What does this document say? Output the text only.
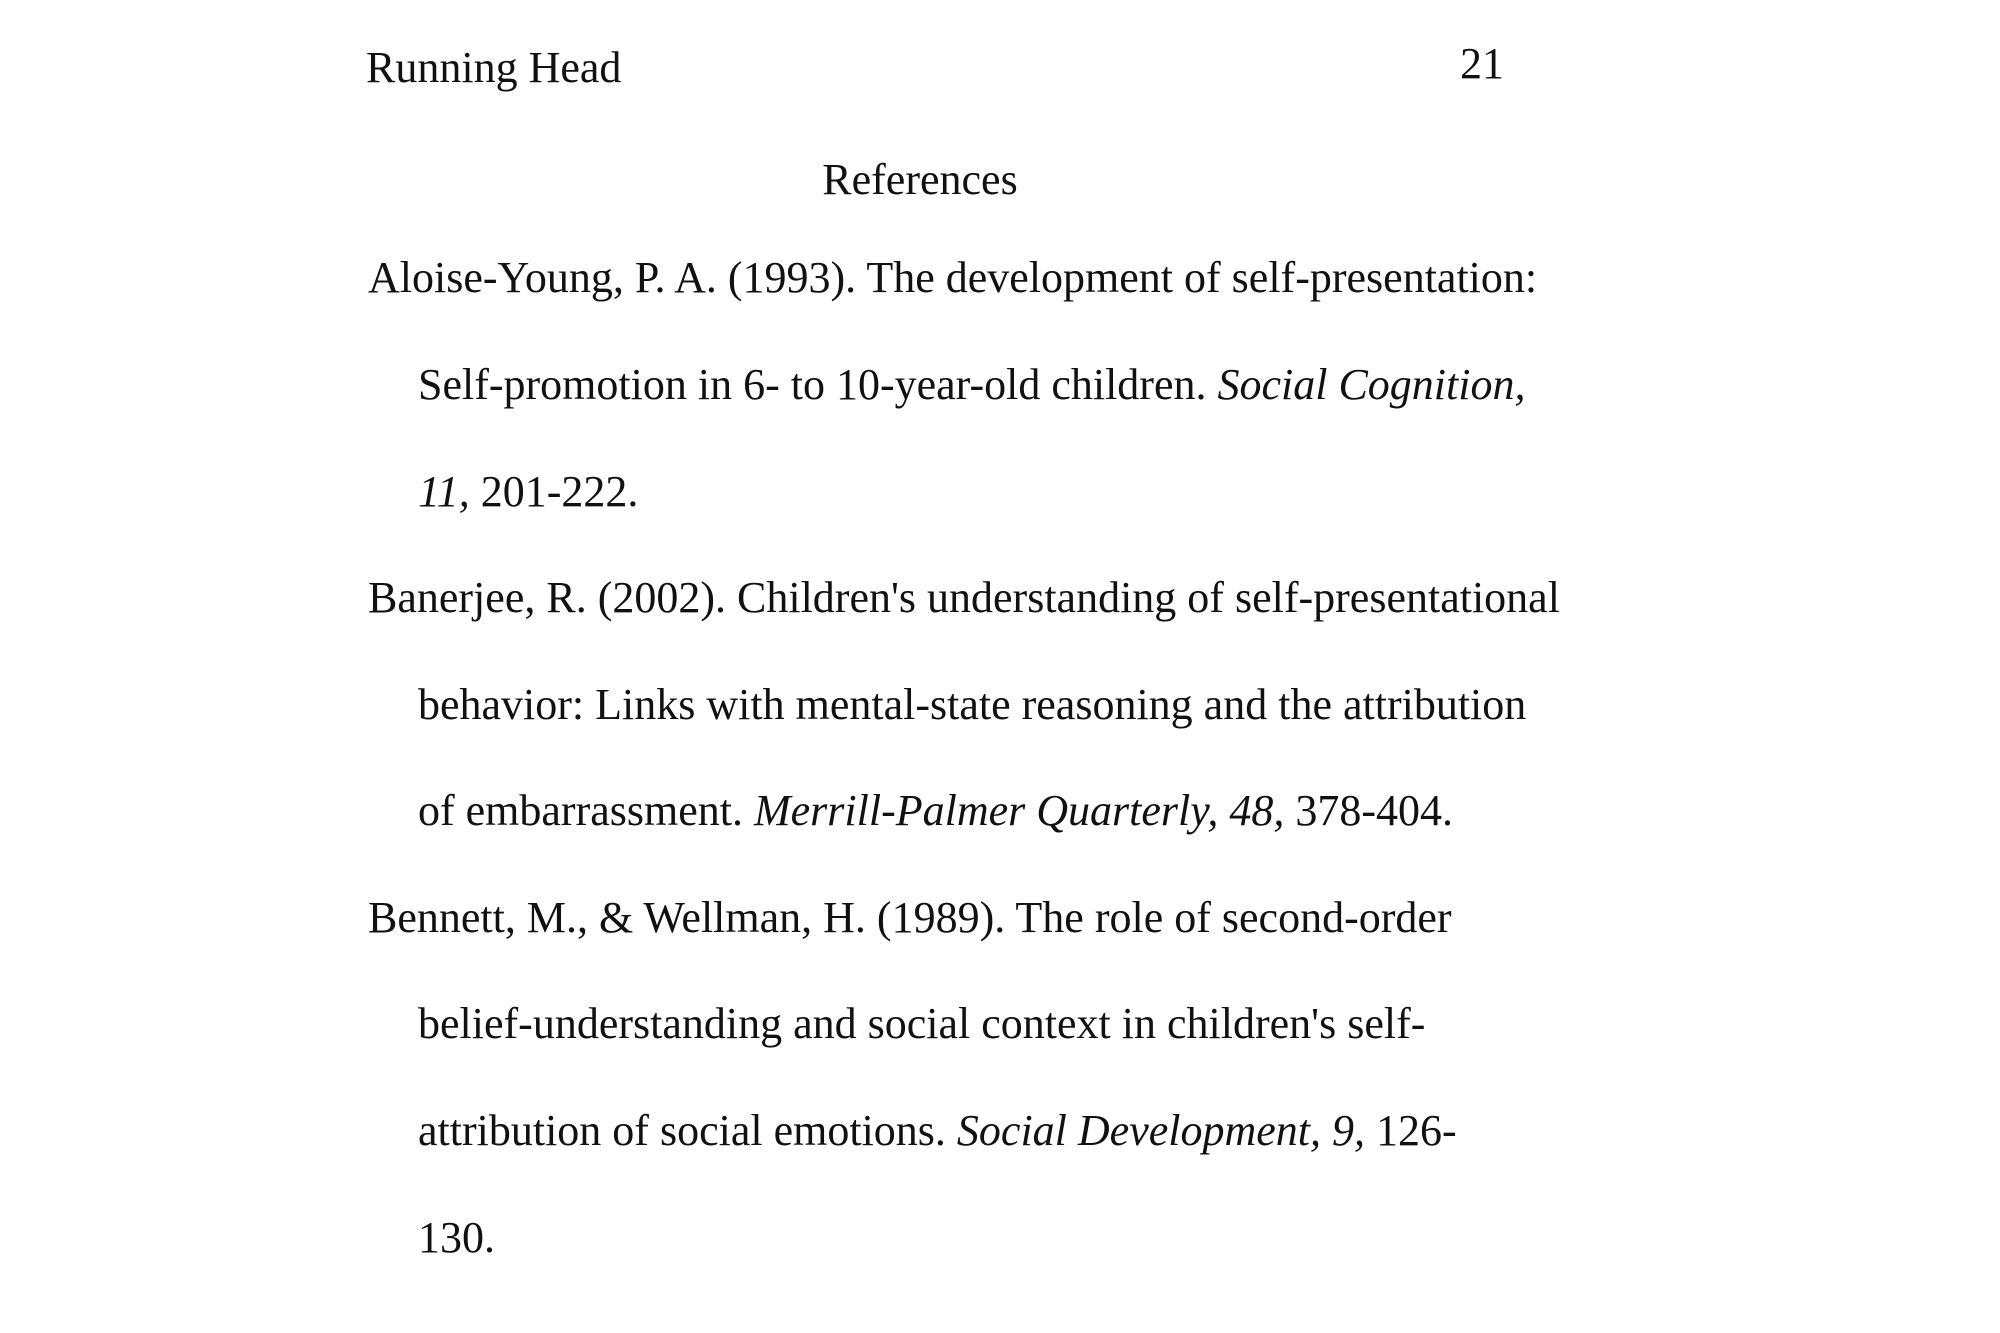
Running Head	21
References
Aloise-Young, P. A. (1993). The development of self-presentation:
Self-promotion in 6- to 10-year-old children. Social Cognition,
11, 201-222.
Banerjee, R. (2002). Children's understanding of self-presentational
behavior: Links with mental-state reasoning and the attribution
of embarrassment. Merrill-Palmer Quarterly, 48, 378-404.
Bennett, M., & Wellman, H. (1989). The role of second-order
belief-understanding and social context in children's self-
attribution of social emotions. Social Development, 9, 126-
130.
